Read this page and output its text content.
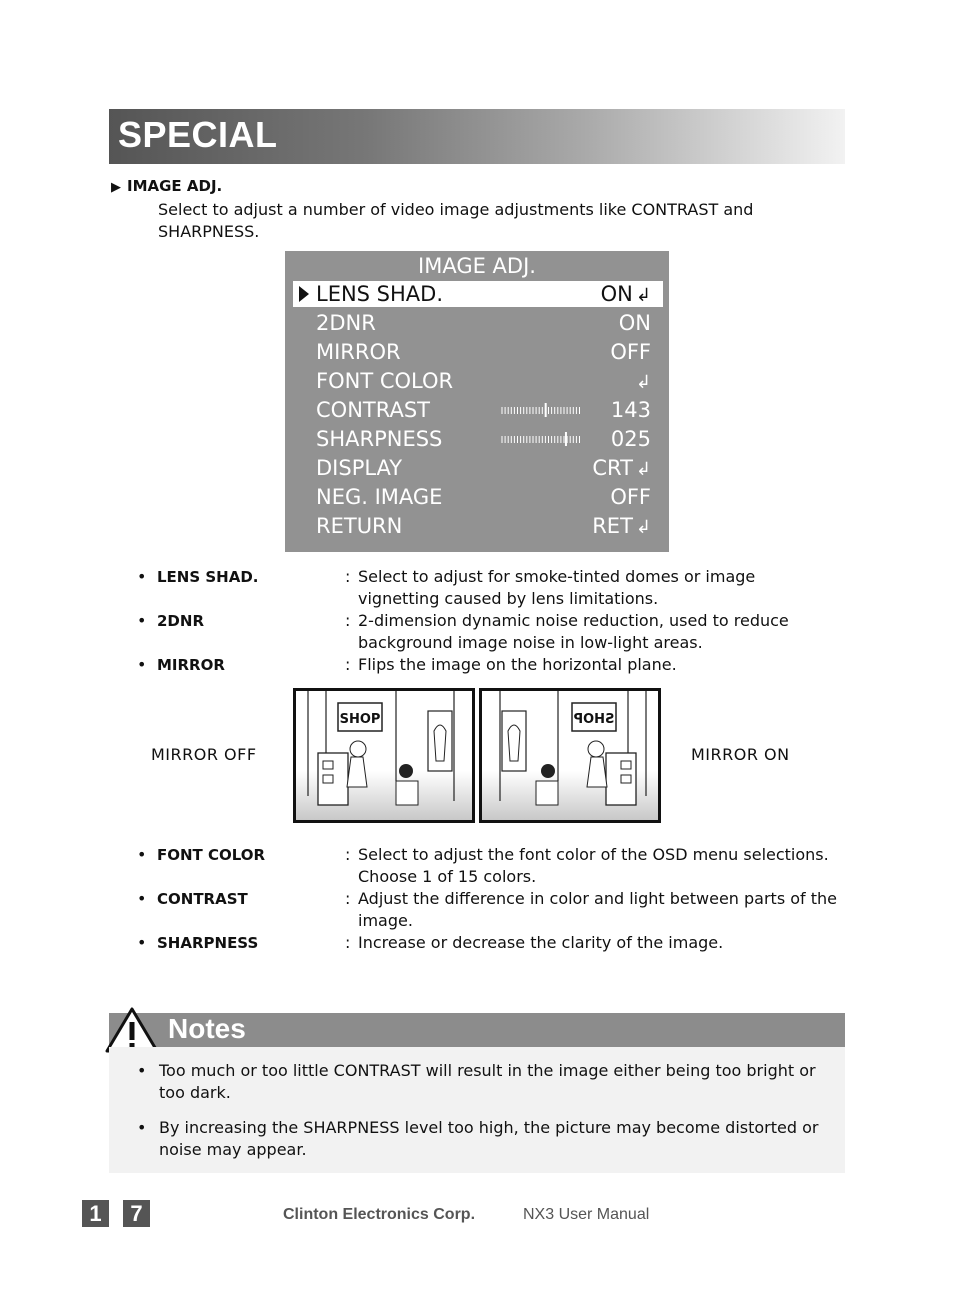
SPECIAL
▶ IMAGE ADJ.
Select to adjust a number of video image adjustments like CONTRAST and SHARPNESS.
IMAGE ADJ.
LENS SHAD.	ON ↲
2DNR	ON
MIRROR	OFF
FONT COLOR	↲
CONTRAST	143
SHARPNESS	025
DISPLAY	CRT ↲
NEG. IMAGE	OFF
RETURN	RET ↲
• LENS SHAD.	: Select to adjust for smoke-tinted domes or image vignetting caused by lens limitations.
• 2DNR	: 2-dimension dynamic noise reduction, used to reduce background image noise in low-light areas.
• MIRROR	: Flips the image on the horizontal plane.
MIRROR OFF	MIRROR ON
SHOP	SHOP
• FONT COLOR	: Select to adjust the font color of the OSD menu selections. Choose 1 of 15 colors.
• CONTRAST	: Adjust the difference in color and light between parts of the image.
• SHARPNESS	: Increase or decrease the clarity of the image.
Notes
• Too much or too little CONTRAST will result in the image either being too bright or too dark.
• By increasing the SHARPNESS level too high, the picture may become distorted or noise may appear.
1	7	Clinton Electronics Corp.	NX3 User Manual
